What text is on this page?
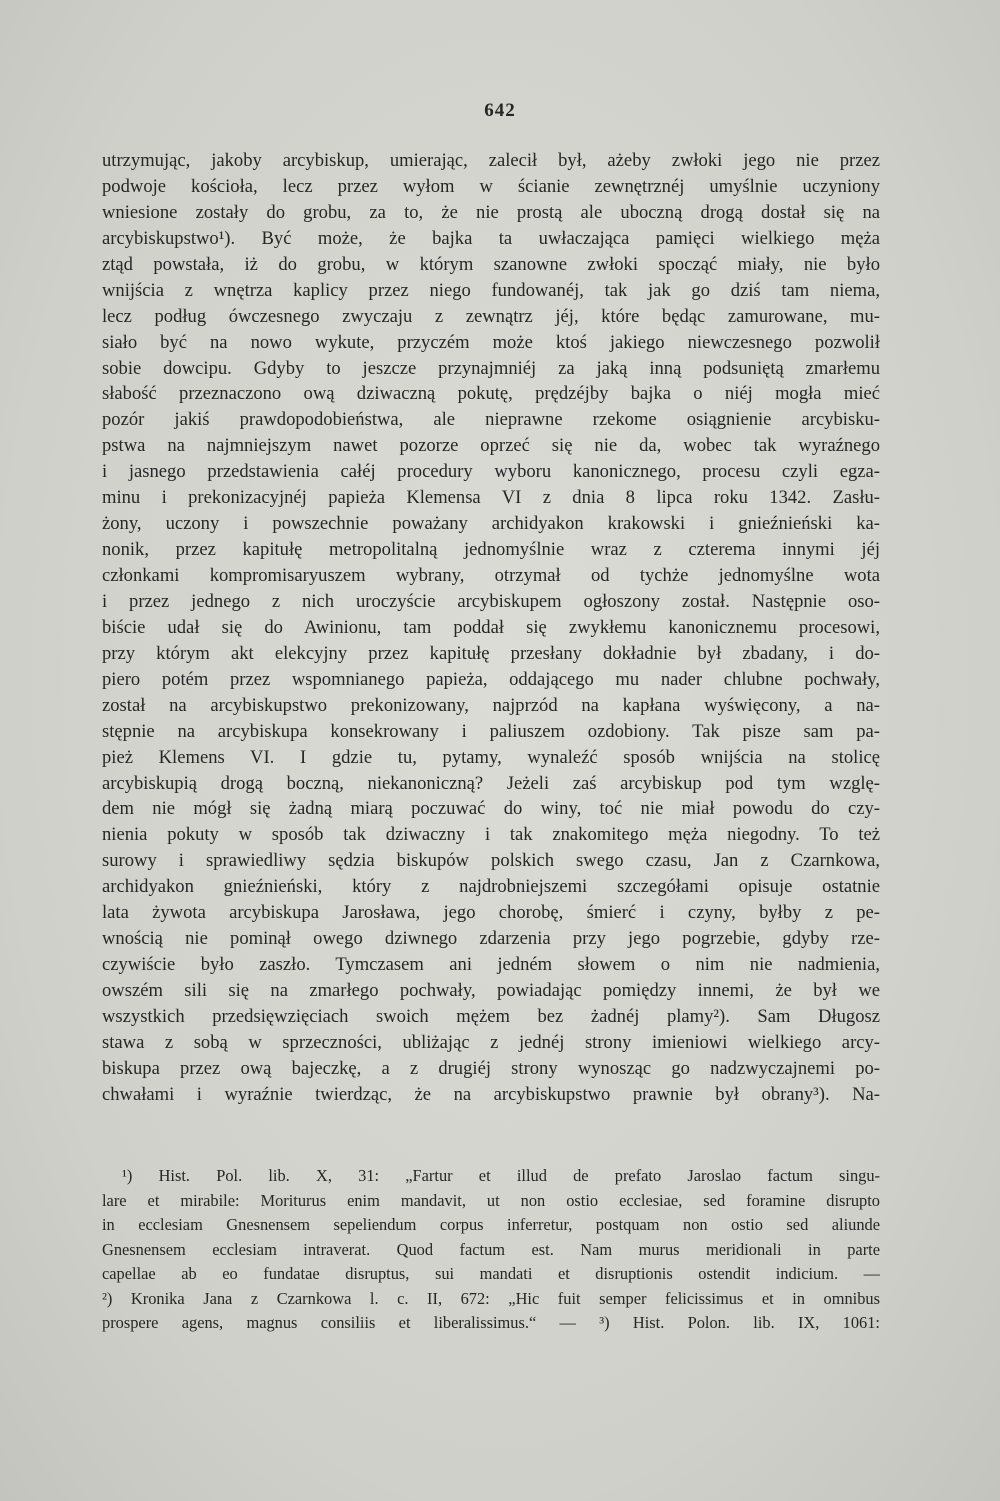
642
utrzymując, jakoby arcybiskup, umierając, zalecił był, ażeby zwłoki jego nie przez
podwoje kościoła, lecz przez wyłom w ścianie zewnętrznéj umyślnie uczyniony
wniesione zostały do grobu, za to, że nie prostą ale uboczną drogą dostał się na
arcybiskupstwo¹). Być może, że bajka ta uwłaczająca pamięci wielkiego męża
ztąd powstała, iż do grobu, w którym szanowne zwłoki spocząć miały, nie było
wnijścia z wnętrza kaplicy przez niego fundowanéj, tak jak go dziś tam niema,
lecz podług ówczesnego zwyczaju z zewnątrz jéj, które będąc zamurowane, mu-
siało być na nowo wykute, przyczém może ktoś jakiego niewczesnego pozwolił
sobie dowcipu. Gdyby to jeszcze przynajmniéj za jaką inną podsuniętą zmarłemu
słabość przeznaczono ową dziwaczną pokutę, prędzéjby bajka o niéj mogła mieć
pozór jakiś prawdopodobieństwa, ale nieprawne rzekome osiągnienie arcybisku-
pstwa na najmniejszym nawet pozorze oprzeć się nie da, wobec tak wyraźnego
i jasnego przedstawienia całéj procedury wyboru kanonicznego, procesu czyli egza-
minu i prekonizacyjnéj papieża Klemensa VI z dnia 8 lipca roku 1342. Zasłu-
żony, uczony i powszechnie poważany archidyakon krakowski i gnieźnieński ka-
nonik, przez kapitułę metropolitalną jednomyślnie wraz z czterema innymi jéj
członkami kompromisaryuszem wybrany, otrzymał od tychże jednomyślne wota
i przez jednego z nich uroczyście arcybiskupem ogłoszony został. Następnie oso-
biście udał się do Awinionu, tam poddał się zwykłemu kanonicznemu procesowi,
przy którym akt elekcyjny przez kapitułę przesłany dokładnie był zbadany, i do-
piero potém przez wspomnianego papieża, oddającego mu nader chlubne pochwały,
został na arcybiskupstwo prekonizowany, najprzód na kapłana wyświęcony, a na-
stępnie na arcybiskupa konsekrowany i paliuszem ozdobiony. Tak pisze sam pa-
pież Klemens VI. I gdzie tu, pytamy, wynaleźć sposób wnijścia na stolicę
arcybiskupią drogą boczną, niekanoniczną? Jeżeli zaś arcybiskup pod tym wzglę-
dem nie mógł się żadną miarą poczuwać do winy, toć nie miał powodu do czy-
nienia pokuty w sposób tak dziwaczny i tak znakomitego męża niegodny. To też
surowy i sprawiedliwy sędzia biskupów polskich swego czasu, Jan z Czarnkowa,
archidyakon gnieźnieński, który z najdrobniejszemi szczegółami opisuje ostatnie
lata żywota arcybiskupa Jarosława, jego chorobę, śmierć i czyny, byłby z pe-
wnością nie pominął owego dziwnego zdarzenia przy jego pogrzebie, gdyby rze-
czywiście było zaszło. Tymczasem ani jedném słowem o nim nie nadmienia,
owszém sili się na zmarłego pochwały, powiadając pomiędzy innemi, że był we
wszystkich przedsięwzięciach swoich mężem bez żadnéj plamy²). Sam Długosz
stawa z sobą w sprzeczności, ubliżając z jednéj strony imieniowi wielkiego arcy-
biskupa przez ową bajeczkę, a z drugiéj strony wynosząc go nadzwyczajnemi po-
chwałami i wyraźnie twierdząc, że na arcybiskupstwo prawnie był obrany³). Na-
¹) Hist. Pol. lib. X, 31: „Fartur et illud de prefato Jaroslao factum singu-
lare et mirabile: Moriturus enim mandavit, ut non ostio ecclesiae, sed foramine disrupto
in ecclesiam Gnesnensem sepeliendum corpus inferretur, postquam non ostio sed aliunde
Gnesnensem ecclesiam intraverat. Quod factum est. Nam murus meridionali in parte
capellae ab eo fundatae disruptus, sui mandati et disruptionis ostendit indicium. —
²) Kronika Jana z Czarnkowa l. c. II, 672: „Hic fuit semper felicissimus et in omnibus
prospere agens, magnus consiliis et liberalissimus.“ — ³) Hist. Polon. lib. IX, 1061:
